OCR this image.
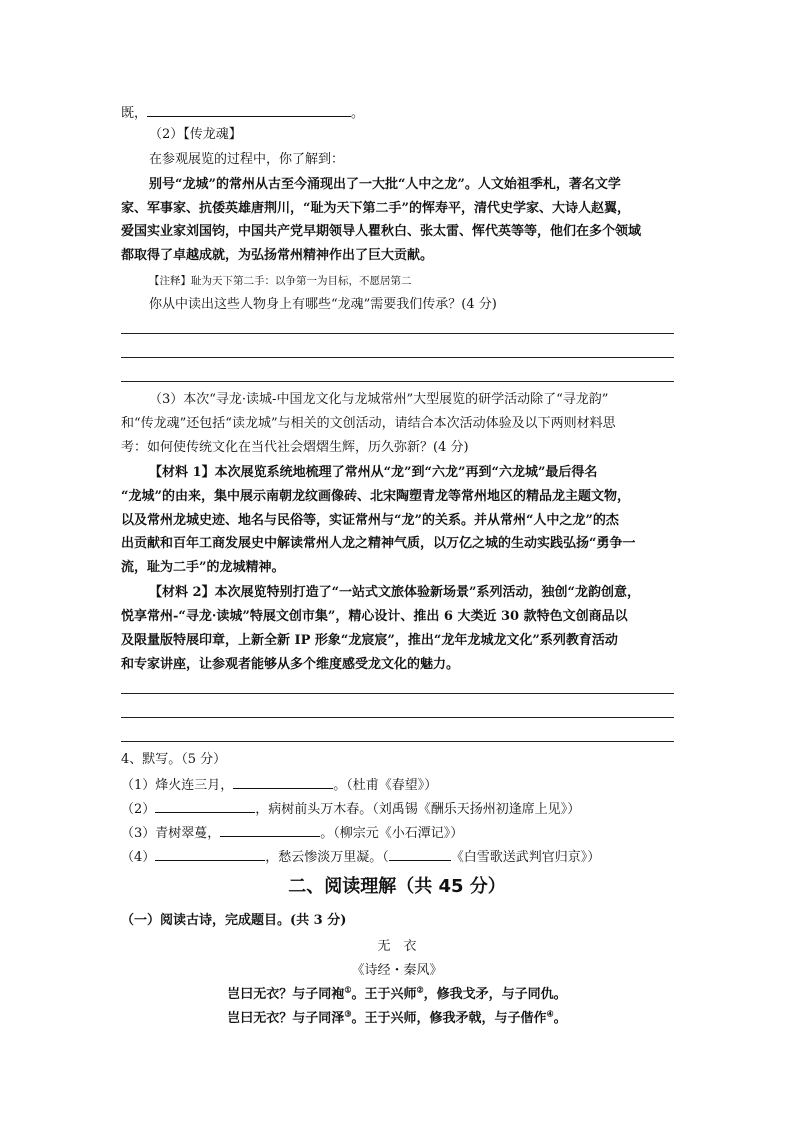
既，	。
（2）【传龙魂】
在参观展览的过程中，你了解到：
别号“龙城”的常州从古至今涌现出了一大批“人中之龙”。人文始祖季札，著名文学
家、军事家、抗倭英雄唐荆川，“耻为天下第二手”的恽寿平，清代史学家、大诗人赵翼，
爱国实业家刘国钧，中国共产党早期领导人瞿秋白、张太雷、恽代英等等，他们在多个领域
都取得了卓越成就，为弘扬常州精神作出了巨大贡献。
【注释】耻为天下第二手：以争第一为目标，不愿居第二
你从中读出这些人物身上有哪些“龙魂”需要我们传承？(4 分)
（3）本次“寻龙·读城-中国龙文化与龙城常州”大型展览的研学活动除了“寻龙韵”
和“传龙魂”还包括“读龙城”与相关的文创活动，请结合本次活动体验及以下两则材料思
考：如何使传统文化在当代社会熠熠生辉，历久弥新？(4 分)
【材料 1】本次展览系统地梳理了常州从“龙”到“六龙”再到“六龙城”最后得名
“龙城”的由来，集中展示南朝龙纹画像砖、北宋陶塑青龙等常州地区的精品龙主题文物，
以及常州龙城史迹、地名与民俗等，实证常州与“龙”的关系。并从常州“人中之龙”的杰
出贡献和百年工商发展史中解读常州人龙之精神气质，以万亿之城的生动实践弘扬“勇争一
流，耻为二手”的龙城精神。
【材料 2】本次展览特别打造了“一站式文旅体验新场景”系列活动，独创“龙韵创意，
悦享常州-“寻龙·读城”特展文创市集”，精心设计、推出 6 大类近 30 款特色文创商品以
及限量版特展印章，上新全新 IP 形象“龙宸宸”，推出“龙年龙城龙文化”系列教育活动
和专家讲座，让参观者能够从多个维度感受龙文化的魅力。
4、默写。（5 分）
（1）烽火连三月，	。（杜甫《春望》）
（2）	，病树前头万木春。（刘禹锡《酬乐天扬州初逢席上见》）
（3）青树翠蔓，	。（柳宗元《小石潭记》）
（4）	，愁云惨淡万里凝。（	《白雪歌送武判官归京》）
二、阅读理解（共 45 分）
（一）阅读古诗，完成题目。(共 3 分)
无　衣
《诗经・秦风》
岂曰无衣？与子同袍①。王于兴师②，修我戈矛，与子同仇。
岂曰无衣？与子同泽③。王于兴师，修我矛戟，与子偕作④。
